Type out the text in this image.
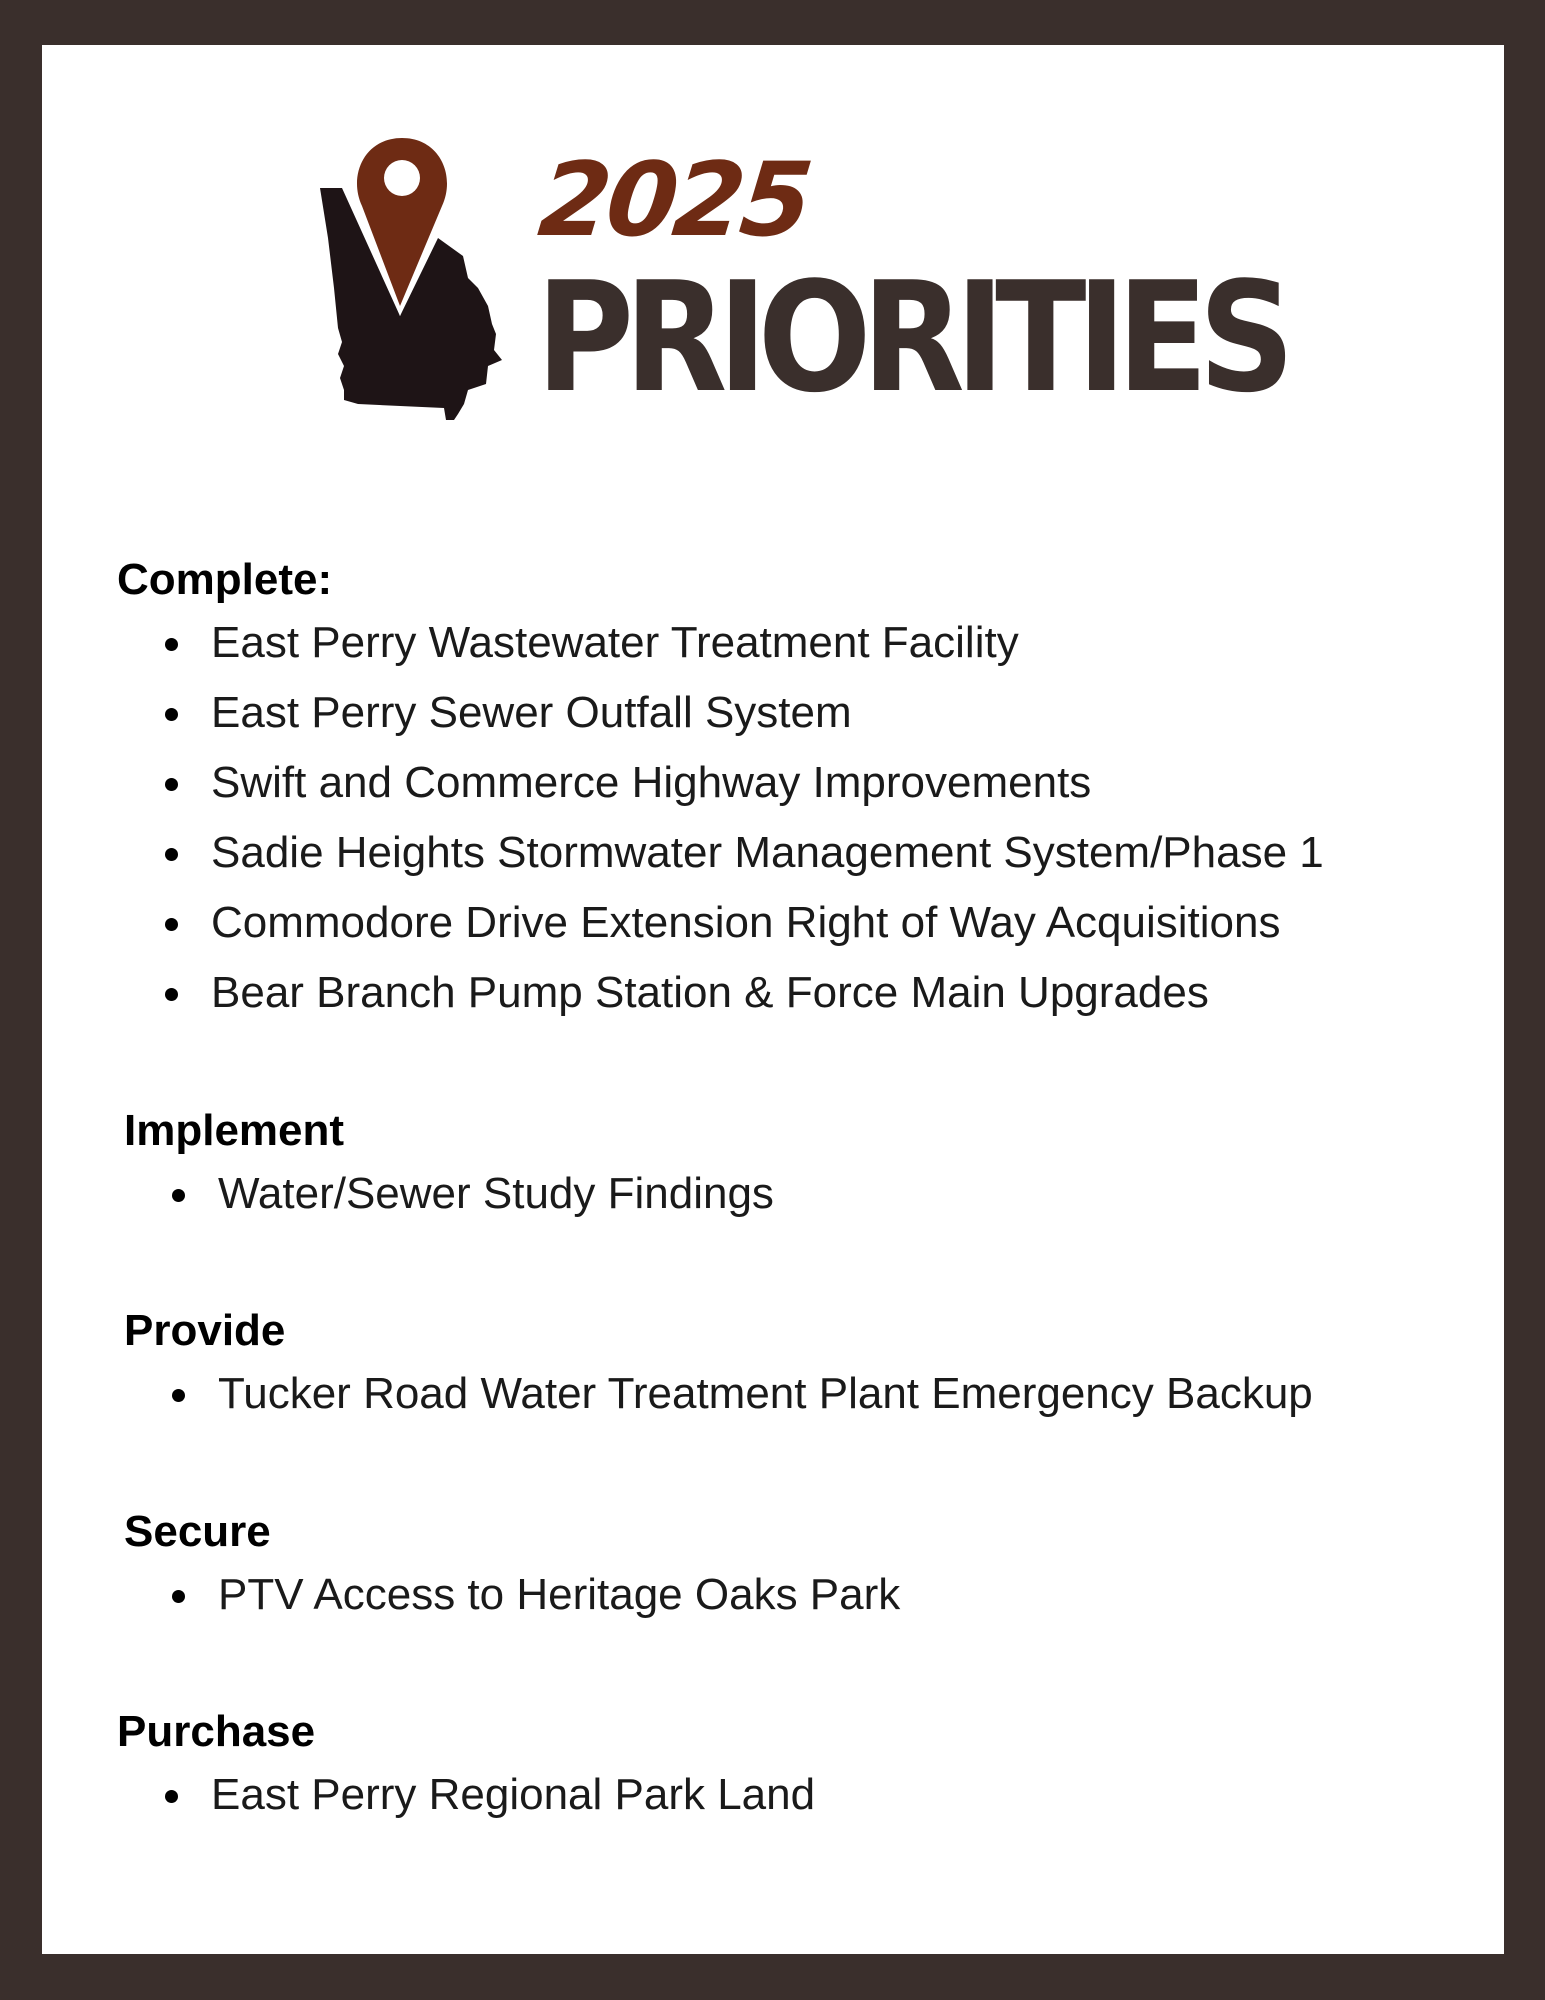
2025
PRIORITIES
Complete:
East Perry Wastewater Treatment Facility
East Perry Sewer Outfall System
Swift and Commerce Highway Improvements
Sadie Heights Stormwater Management System/Phase 1
Commodore Drive Extension Right of Way Acquisitions
Bear Branch Pump Station & Force Main Upgrades
Implement
Water/Sewer Study Findings
Provide
Tucker Road Water Treatment Plant Emergency Backup
Secure
PTV Access to Heritage Oaks Park
Purchase
East Perry Regional Park Land
